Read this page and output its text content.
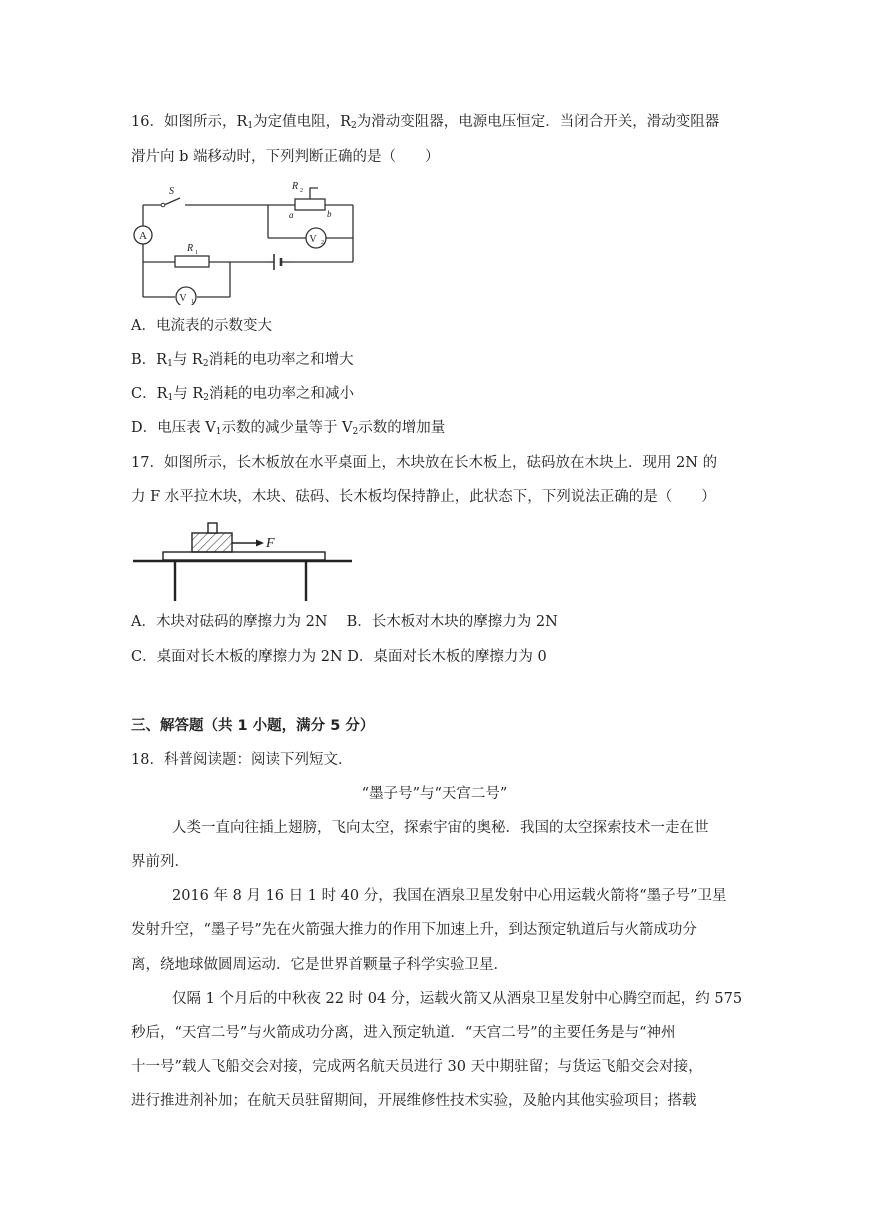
16．如图所示，$R_1$为定值电阻，$R_2$为滑动变阻器，电源电压恒定．当闭合开关，滑动变阻器
滑片向 b 端移动时，下列判断正确的是（　　）
A	V 2
V 1
S	R 2
a	b
R 1
A．电流表的示数变大
B．$R_1$与 $R_2$消耗的电功率之和增大
C．$R_1$与 $R_2$消耗的电功率之和减小
D．电压表 $V_1$示数的减少量等于 $V_2$示数的增加量
17．如图所示，长木板放在水平桌面上，木块放在长木板上，砝码放在木块上．现用 2N 的
力 F 水平拉木块，木块、砝码、长木板均保持静止，此状态下，下列说法正确的是（　　）
F
A．木块对砝码的摩擦力为 2N　 B．长木板对木块的摩擦力为 2N
C．桌面对长木板的摩擦力为 2N D．桌面对长木板的摩擦力为 0
三、解答题（共 1 小题，满分 5 分）
18．科普阅读题：阅读下列短文．
“墨子号”与“天宫二号”
人类一直向往插上翅膀，飞向太空，探索宇宙的奥秘．我国的太空探索技术一走在世
界前列．
2016 年 8 月 16 日 1 时 40 分，我国在酒泉卫星发射中心用运载火箭将“墨子号”卫星
发射升空，“墨子号”先在火箭强大推力的作用下加速上升，到达预定轨道后与火箭成功分
离，绕地球做圆周运动．它是世界首颗量子科学实验卫星．
仅隔 1 个月后的中秋夜 22 时 04 分，运载火箭又从酒泉卫星发射中心腾空而起，约 575
秒后，“天宫二号”与火箭成功分离，进入预定轨道．“天宫二号”的主要任务是与“神州
十一号”载人飞船交会对接，完成两名航天员进行 30 天中期驻留；与货运飞船交会对接，
进行推进剂补加；在航天员驻留期间，开展维修性技术实验，及舱内其他实验项目；搭载
